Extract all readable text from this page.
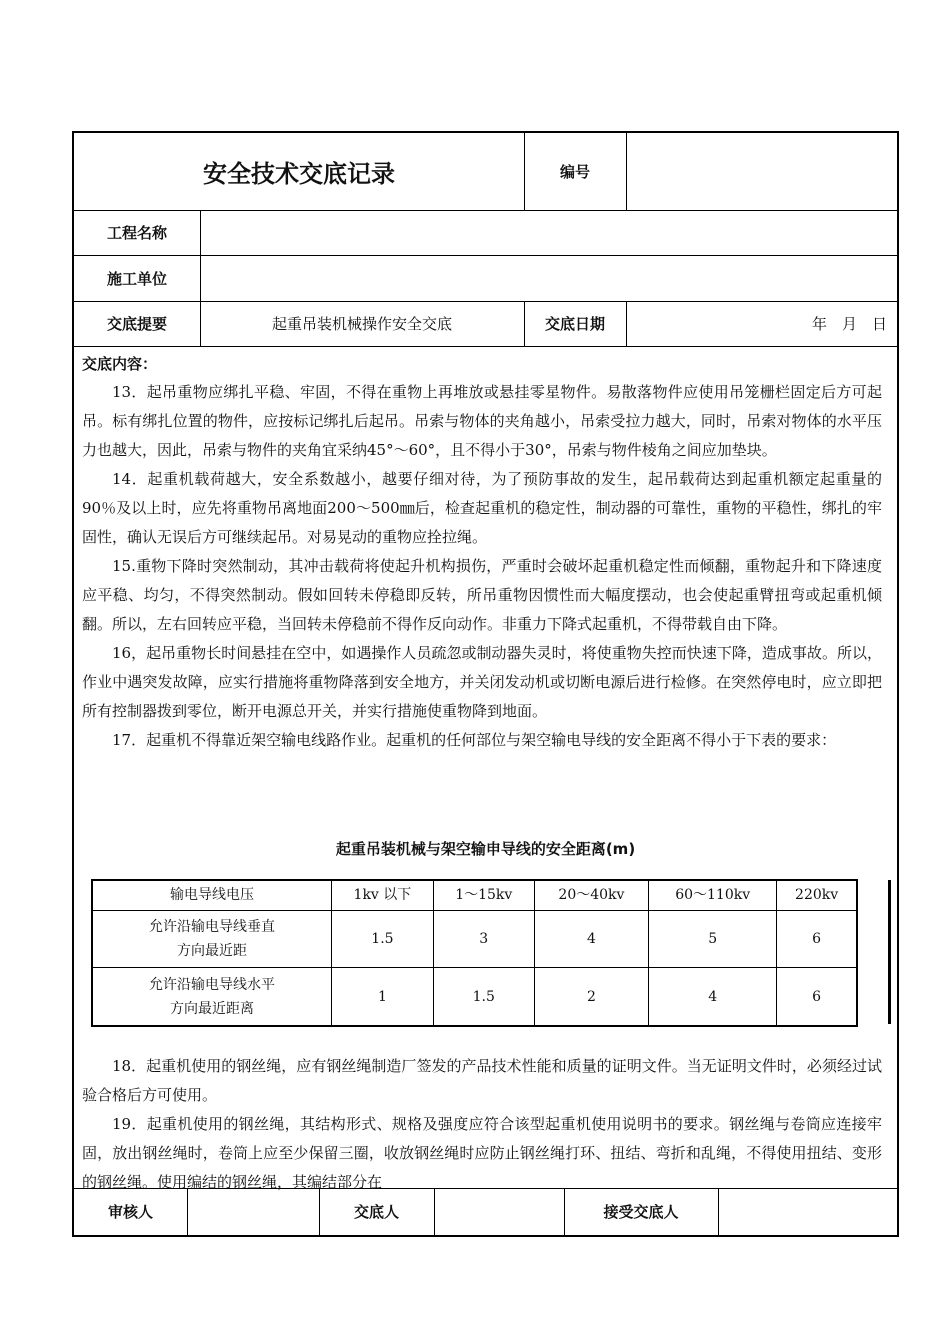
安全技术交底记录	编号
工程名称
施工单位
交底提要	起重吊装机械操作安全交底	交底日期	年　月　日
审核人	交底人	接受交底人

交底内容：

13．起吊重物应绑扎平稳、牢固，不得在重物上再堆放或悬挂零星物件。易散落物件应使用吊笼栅栏固定后方可起吊。标有绑扎位置的物件，应按标记绑扎后起吊。吊索与物体的夹角越小，吊索受拉力越大，同时，吊索对物体的水平压力也越大，因此，吊索与物件的夹角宜采纳45°～60°，且不得小于30°，吊索与物件棱角之间应加垫块。

14．起重机载荷越大，安全系数越小，越要仔细对待，为了预防事故的发生，起吊载荷达到起重机额定起重量的90％及以上时，应先将重物吊离地面200～500㎜后，检查起重机的稳定性，制动器的可靠性，重物的平稳性，绑扎的牢固性，确认无误后方可继续起吊。对易晃动的重物应拴拉绳。

15.重物下降时突然制动，其冲击载荷将使起升机构损伤，严重时会破坏起重机稳定性而倾翻，重物起升和下降速度应平稳、均匀，不得突然制动。假如回转未停稳即反转，所吊重物因惯性而大幅度摆动，也会使起重臂扭弯或起重机倾翻。所以，左右回转应平稳，当回转未停稳前不得作反向动作。非重力下降式起重机，不得带载自由下降。

16，起吊重物长时间悬挂在空中，如遇操作人员疏忽或制动器失灵时，将使重物失控而快速下降，造成事故。所以，作业中遇突发故障，应实行措施将重物降落到安全地方，并关闭发动机或切断电源后进行检修。在突然停电时，应立即把所有控制器拨到零位，断开电源总开关，并实行措施使重物降到地面。

17．起重机不得靠近架空输电线路作业。起重机的任何部位与架空输电导线的安全距离不得小于下表的要求：

起重吊装机械与架空输申导线的安全距离(m)
输电导线电压	1kv 以下	1～15kv	20～40kv	60～110kv	220kv

允许沿输电导线垂直
方向最近距	1.5	3	4	5	6

允许沿输电导线水平
方向最近距离	1	1.5	2	4	6

18．起重机使用的钢丝绳，应有钢丝绳制造厂签发的产品技术性能和质量的证明文件。当无证明文件时，必须经过试验合格后方可使用。

19．起重机使用的钢丝绳，其结构形式、规格及强度应符合该型起重机使用说明书的要求。钢丝绳与卷筒应连接牢固，放出钢丝绳时，卷筒上应至少保留三圈，收放钢丝绳时应防止钢丝绳打环、扭结、弯折和乱绳，不得使用扭结、变形的钢丝绳。使用编结的钢丝绳，其编结部分在
